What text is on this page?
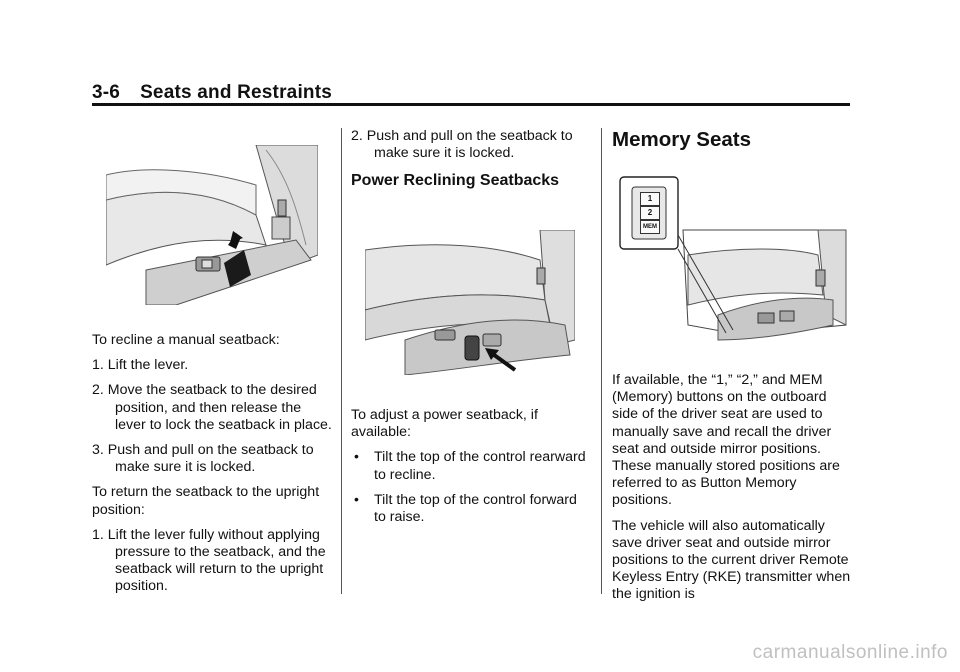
3-6 Seats and Restraints

To recline a manual seatback:

1. Lift the lever.

2. Move the seatback to the desired position, and then release the lever to lock the seatback in place.

3. Push and pull on the seatback to make sure it is locked.

To return the seatback to the upright position:

1. Lift the lever fully without applying pressure to the seatback, and the seatback will return to the upright position.

2. Push and pull on the seatback to make sure it is locked.

Power Reclining Seatbacks

To adjust a power seatback, if available:

• Tilt the top of the control rearward to recline.

• Tilt the top of the control forward to raise.

Memory Seats
1
2
MEM

If available, the “1,” “2,” and MEM (Memory) buttons on the outboard side of the driver seat are used to manually save and recall the driver seat and outside mirror positions. These manually stored positions are referred to as Button Memory positions.

The vehicle will also automatically save driver seat and outside mirror positions to the current driver Remote Keyless Entry (RKE) transmitter when the ignition is

carmanualsonline.info
